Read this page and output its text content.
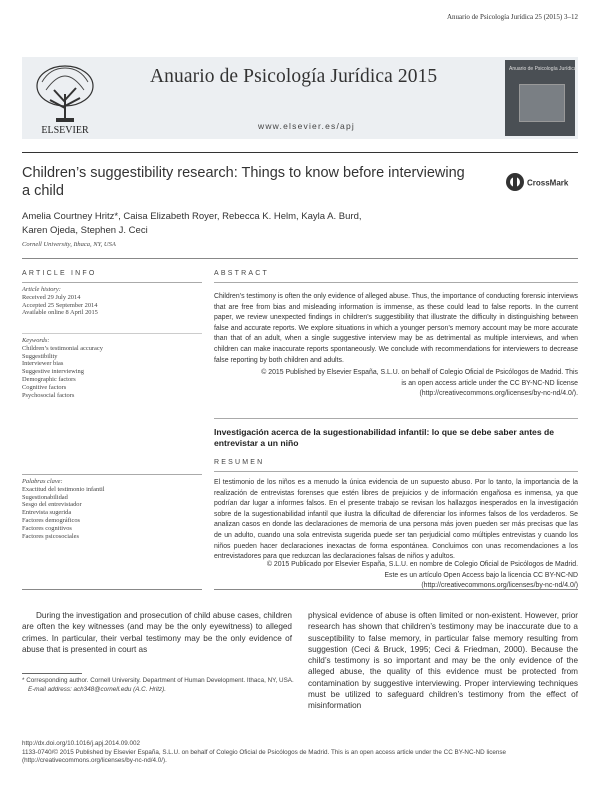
Anuario de Psicología Jurídica 25 (2015) 3–12
ELSEVIER
Anuario de Psicología Jurídica 2015
www.elsevier.es/apj
Anuario de Psicología Jurídica
Children’s suggestibility research: Things to know before interviewing a child	CrossMark
Amelia Courtney Hritz*, Caisa Elizabeth Royer, Rebecca K. Helm, Kayla A. Burd,
Karen Ojeda, Stephen J. Ceci
Cornell University, Ithaca, NY, USA
ARTICLE INFO	ABSTRACT
Article history:
Received 29 July 2014
Accepted 25 September 2014
Available online 8 April 2015
Keywords:
Children’s testimonial accuracy
Suggestibility
Interviewer bias
Suggestive interviewing
Demographic factors
Cognitive factors
Psychosocial factors
Children’s testimony is often the only evidence of alleged abuse. Thus, the importance of conducting forensic interviews that are free from bias and misleading information is immense, as these could lead to false reports. In the current paper, we review unexpected findings in children’s suggestibility that illustrate the difficulty in distinguishing between false and accurate reports. We explore situations in which a younger person’s memory account may be more accurate than that of an adult, when a single suggestive interview may be as detrimental as multiple interviews, and when children can make inaccurate reports spontaneously. We conclude with recommendations for interviewers to decrease false reporting by both children and adults.
© 2015 Published by Elsevier España, S.L.U. on behalf of Colegio Oficial de Psicólogos de Madrid. This
is an open access article under the CC BY-NC-ND license
(http://creativecommons.org/licenses/by-nc-nd/4.0/).
Investigación acerca de la sugestionabilidad infantil: lo que se debe saber antes de entrevistar a un niño
RESUMEN
Palabras clave:
Exactitud del testimonio infantil
Sugestionabilidad
Sesgo del entrevistador
Entrevista sugerida
Factores demográficos
Factores cognitivos
Factores psicosociales
El testimonio de los niños es a menudo la única evidencia de un supuesto abuso. Por lo tanto, la importancia de la realización de entrevistas forenses que estén libres de prejuicios y de información engañosa es inmensa, ya que podrían dar lugar a informes falsos. En el presente trabajo se revisan los hallazgos inesperados en la investigación sobre de la sugestionabilidad infantil que ilustra la dificultad de diferenciar los informes falsos de los verdaderos. Se analizan casos en donde las declaraciones de memoria de una persona más joven pueden ser más precisas que las de un adulto, cuando una sola entrevista sugerida puede ser tan perjudicial como múltiples entrevistas y cuando los niños pueden hacer declaraciones inexactas de forma espontánea. Concluimos con unas recomendaciones a los entrevistadores para que reduzcan las declaraciones falsas de niños y adultos.
© 2015 Publicado por Elsevier España, S.L.U. en nombre de Colegio Oficial de Psicólogos de Madrid.
Este es un artículo Open Access bajo la licencia CC BY-NC-ND
(http://creativecommons.org/licenses/by-nc-nd/4.0/)
During the investigation and prosecution of child abuse cases, children are often the key witnesses (and may be the only eyewitness) to alleged crimes. In particular, their verbal testimony may be the only evidence of abuse that is presented in court as
physical evidence of abuse is often limited or non-existent. However, prior research has shown that children’s testimony may be inaccurate due to a susceptibility to false memory, in particular false memory resulting from suggestion (Ceci & Bruck, 1995; Ceci & Friedman, 2000). Because the child’s testimony is so important and may be the only evidence of the alleged abuse, the quality of this evidence must be protected from contamination by suggestive interviewing. Proper interviewing techniques must be utilized to safeguard children’s testimony from the effect of misinformation
* Corresponding author. Cornell University. Department of Human Development. Ithaca, NY, USA.
E-mail address: ach348@cornell.edu (A.C. Hritz).
http://dx.doi.org/10.1016/j.apj.2014.09.002
1133-0740/© 2015 Published by Elsevier España, S.L.U. on behalf of Colegio Oficial de Psicólogos de Madrid. This is an open access article under the CC BY-NC-ND license
(http://creativecommons.org/licenses/by-nc-nd/4.0/).
